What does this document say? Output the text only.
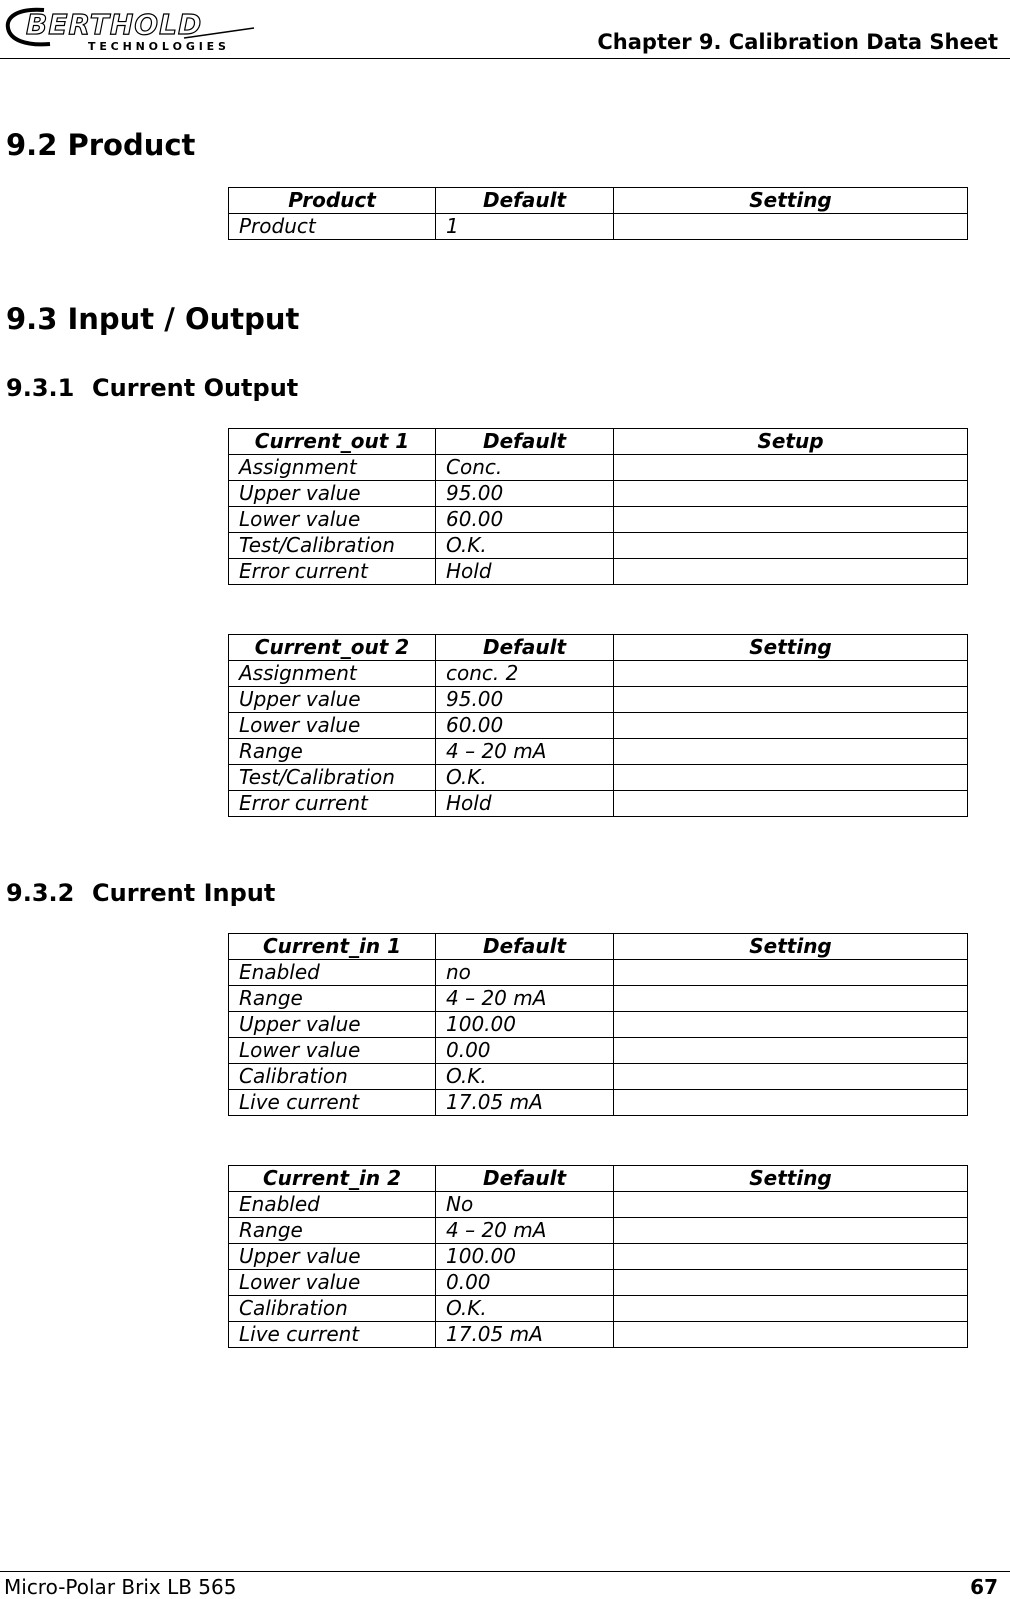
BERTHOLD
T E C H N O L O G I E S	Chapter 9. Calibration Data Sheet
9.2 Product
Product	Default	Setting
Product	1	
9.3 Input / Output
9.3.1 Current Output
Current_out 1	Default	Setup
Assignment	Conc.	
Upper value	95.00	
Lower value	60.00	
Test/Calibration	O.K.	
Error current	Hold	
Current_out 2	Default	Setting
Assignment	conc. 2	
Upper value	95.00	
Lower value	60.00	
Range	4 – 20 mA	
Test/Calibration	O.K.	
Error current	Hold	
9.3.2 Current Input
Current_in 1	Default	Setting
Enabled	no	
Range	4 – 20 mA	
Upper value	100.00	
Lower value	0.00	
Calibration	O.K.	
Live current	17.05 mA	
Current_in 2	Default	Setting
Enabled	No	
Range	4 – 20 mA	
Upper value	100.00	
Lower value	0.00	
Calibration	O.K.	
Live current	17.05 mA	
Micro-Polar Brix LB 565	67
